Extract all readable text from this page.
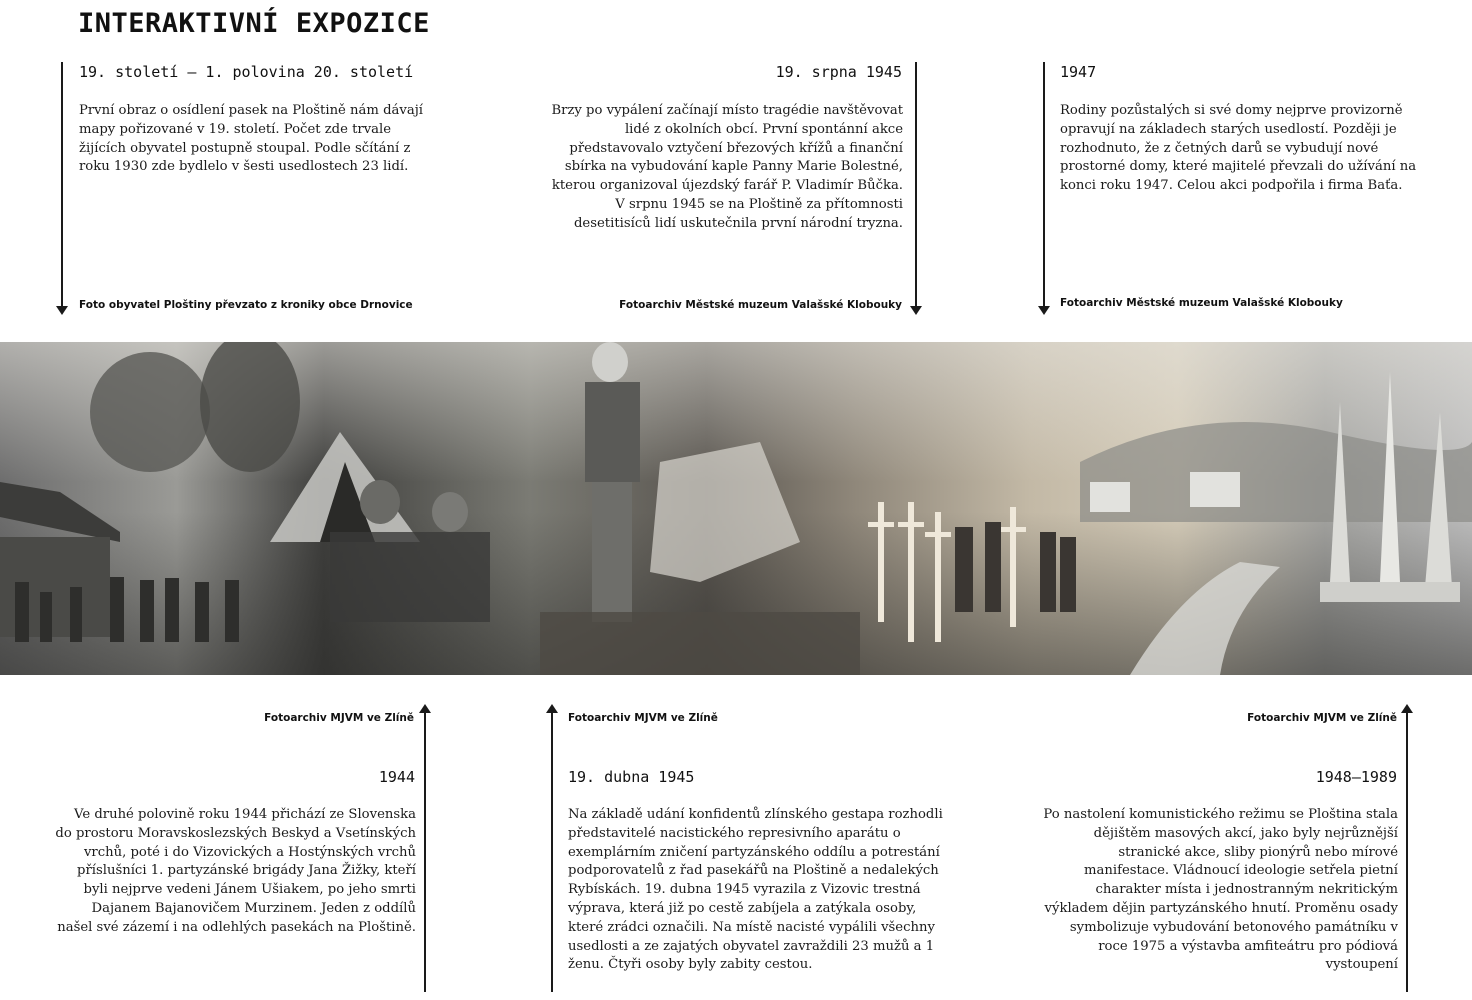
INTERAKTIVNÍ EXPOZICE
19. století – 1. polovina 20. století
První obraz o osídlení pasek na Ploštině nám dávají mapy pořizované v 19. století. Počet zde trvale žijících obyvatel postupně stoupal. Podle sčítání z roku 1930 zde bydlelo v šesti usedlostech 23 lidí.
Foto obyvatel Ploštiny převzato z kroniky obce Drnovice
19. srpna 1945
Brzy po vypálení začínají místo tragédie navštěvovat lidé z okolních obcí. První spontánní akce představovalo vztyčení březových křížů a finanční sbírka na vybudování kaple Panny Marie Bolestné, kterou organizoval újezdský farář P. Vladimír Bůčka. V srpnu 1945 se na Ploštině za přítomnosti desetitisíců lidí uskutečnila první národní tryzna.
Fotoarchiv Městské muzeum Valašské Klobouky
1947
Rodiny pozůstalých si své domy nejprve provizorně opravují na základech starých usedlostí. Později je rozhodnuto, že z četných darů se vybudují nové prostorné domy, které majitelé převzali do užívání na konci roku 1947. Celou akci podpořila i firma Baťa.
Fotoarchiv Městské muzeum Valašské Klobouky
Fotoarchiv MJVM ve Zlíně
1944
Ve druhé polovině roku 1944 přichází ze Slovenska do prostoru Moravskoslezských Beskyd a Vsetínských vrchů, poté i do Vizovických a Hostýnských vrchů příslušníci 1. partyzánské brigády Jana Žižky, kteří byli nejprve vedeni Jánem Ušiakem, po jeho smrti Dajanem Bajanovičem Murzinem. Jeden z oddílů našel své zázemí i na odlehlých pasekách na Ploštině.
Fotoarchiv MJVM ve Zlíně
19. dubna 1945
Na základě udání konfidentů zlínského gestapa rozhodli představitelé nacistického represivního aparátu o exemplárním zničení partyzánského oddílu a potrestání podporovatelů z řad pasekářů na Ploštině a nedalekých Rybískách. 19. dubna 1945 vyrazila z Vizovic trestná výprava, která již po cestě zabíjela a zatýkala osoby, které zrádci označili. Na místě nacisté vypálili všechny usedlosti a ze zajatých obyvatel zavraždili 23 mužů a 1 ženu. Čtyři osoby byly zabity cestou.
Fotoarchiv MJVM ve Zlíně
1948–1989
Po nastolení komunistického režimu se Ploština stala dějištěm masových akcí, jako byly nejrůznější stranické akce, sliby pionýrů nebo mírové manifestace. Vládnoucí ideologie setřela pietní charakter místa i jednostranným nekritickým výkladem dějin partyzánského hnutí. Proměnu osady symbolizuje vybudování betonového památníku v roce 1975 a výstavba amfiteátru pro pódiová vystoupení
